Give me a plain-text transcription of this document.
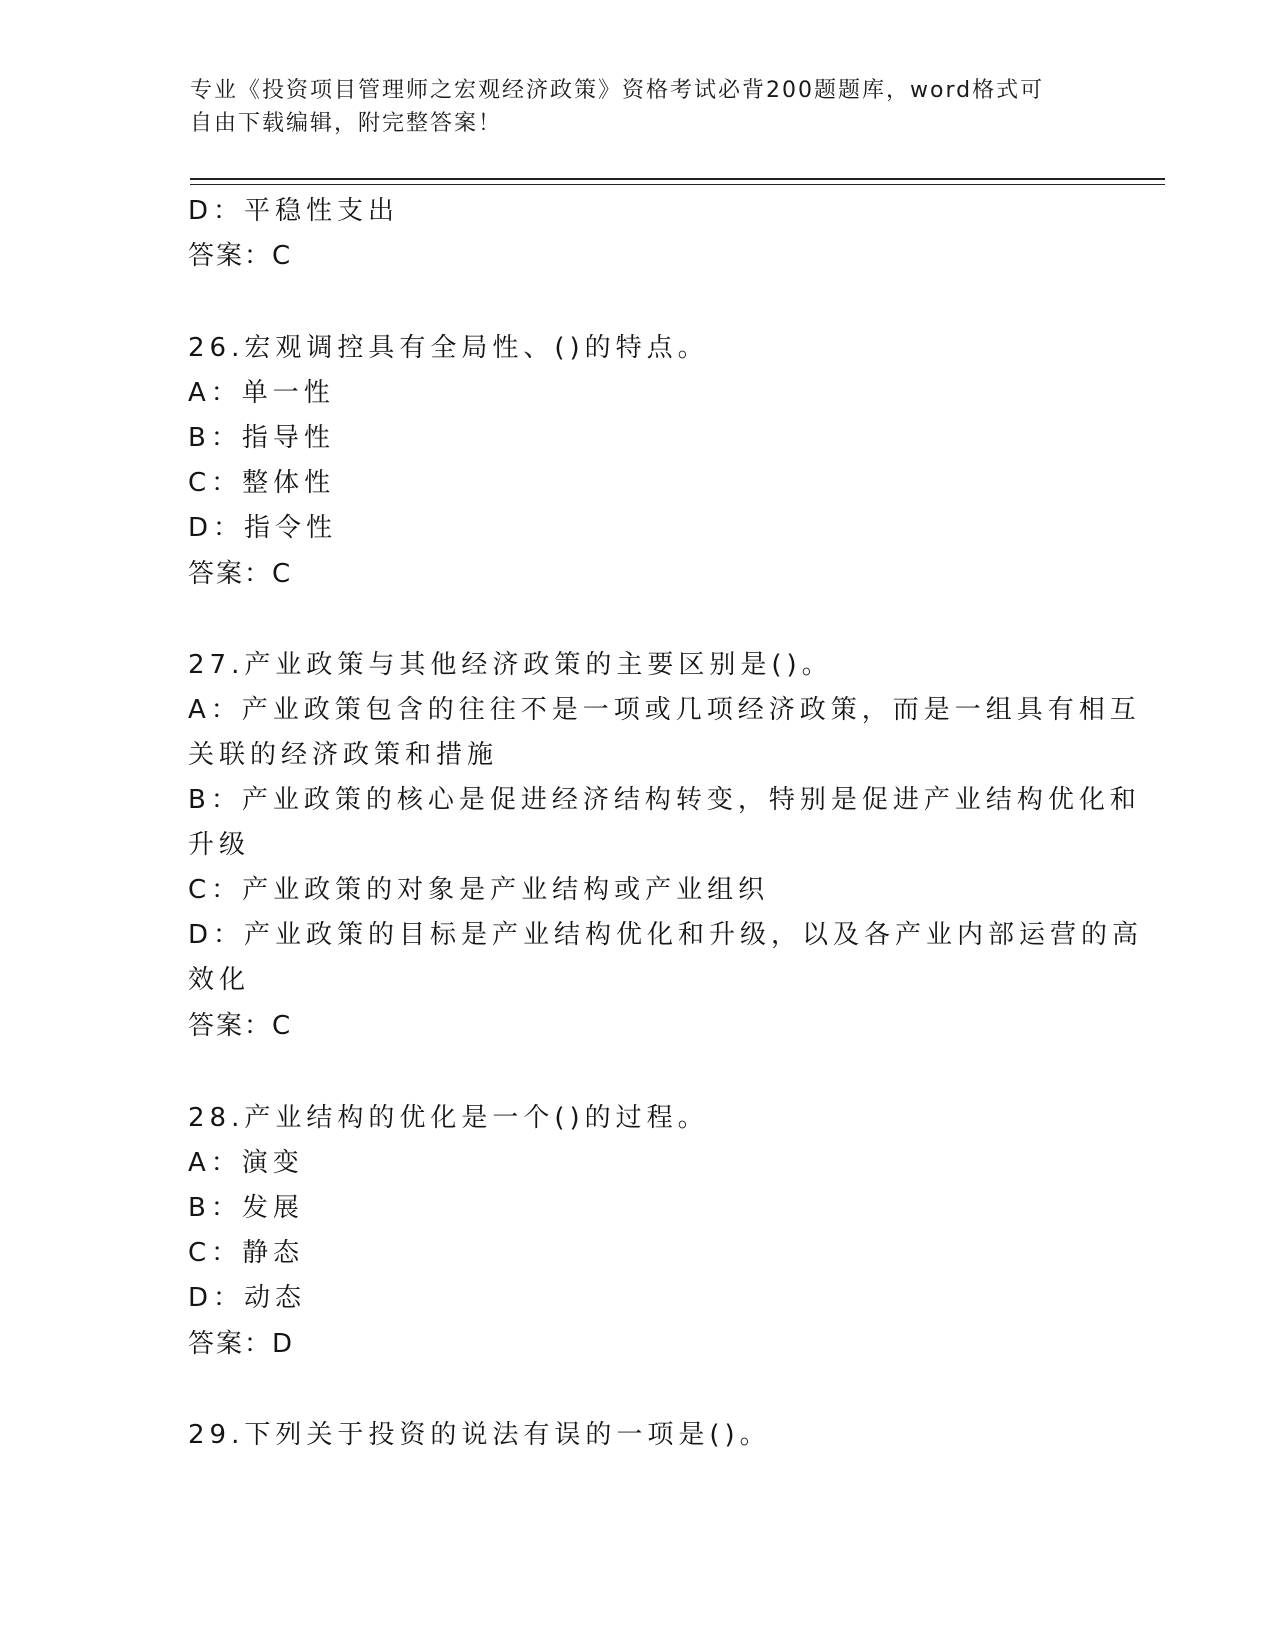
专业《投资项目管理师之宏观经济政策》资格考试必背200题题库，word格式可
自由下载编辑，附完整答案！
D：平稳性支出
答案：C
26.宏观调控具有全局性、()的特点。
A：单一性
B：指导性
C：整体性
D：指令性
答案：C
27.产业政策与其他经济政策的主要区别是()。
A：产业政策包含的往往不是一项或几项经济政策，而是一组具有相互
关联的经济政策和措施
B：产业政策的核心是促进经济结构转变，特别是促进产业结构优化和
升级
C：产业政策的对象是产业结构或产业组织
D：产业政策的目标是产业结构优化和升级，以及各产业内部运营的高
效化
答案：C
28.产业结构的优化是一个()的过程。
A：演变
B：发展
C：静态
D：动态
答案：D
29.下列关于投资的说法有误的一项是()。
